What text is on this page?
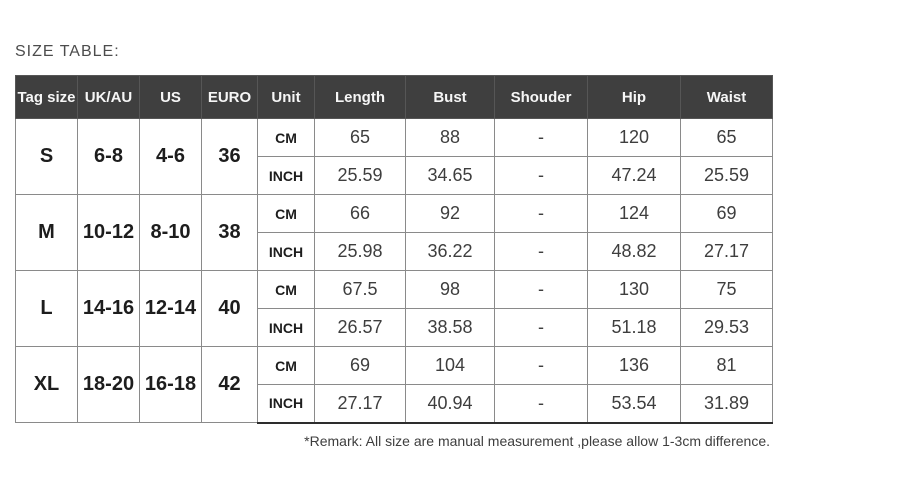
SIZE TABLE:
Tag size	UK/AU	US	EURO	Unit	Length	Bust	Shouder	Hip	Waist
S	6-8	4-6	36	CM	65	88	-	120	65
				INCH	25.59	34.65	-	47.24	25.59
M	10-12	8-10	38	CM	66	92	-	124	69
				INCH	25.98	36.22	-	48.82	27.17
L	14-16	12-14	40	CM	67.5	98	-	130	75
				INCH	26.57	38.58	-	51.18	29.53
XL	18-20	16-18	42	CM	69	104	-	136	81
				INCH	27.17	40.94	-	53.54	31.89
*Remark: All size are manual measurement ,please allow 1-3cm difference.
